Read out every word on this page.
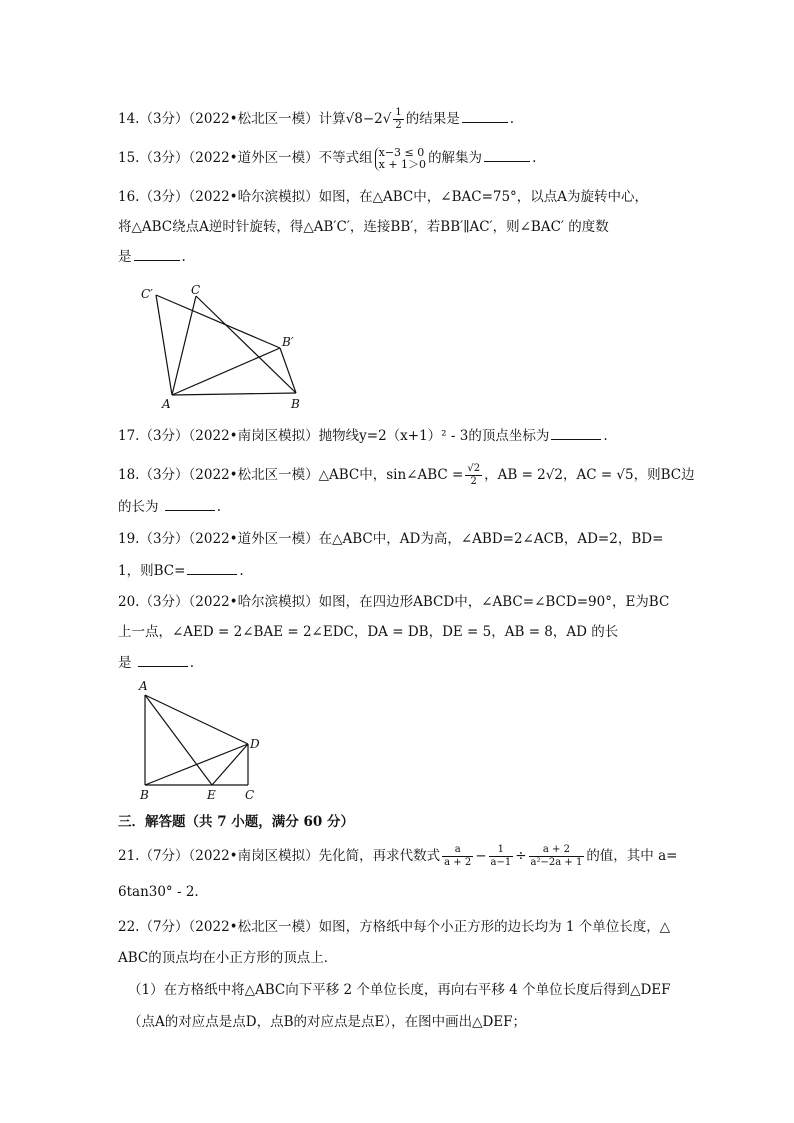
14.（3分）（2022•松北区一模）计算$√8-2√ \frac{1}{2}$ 的结果是	.
15.（3分）（2022•道外区一模）不等式组 x−3 ≤ 0
x + 1＞0 的解集为	.
16.（3分）（2022•哈尔滨模拟）如图，在△ABC中，∠BAC=75°，以点A为旋转中心，
将△ABC绕点A逆时针旋转，得△AB′C′，连接BB′，若BB′∥AC′，则∠BAC′ 的度数
是	.
C′	C
B′
A	B
17.（3分）（2022•南岗区模拟）抛物线y=2（x+1）² - 3的顶点坐标为	.
18.（3分）（2022•松北区一模）△ABC中，sin∠ABC = $\frac{√2}{2}$ ，AB = 2√2，AC = √5，则BC边
的长为	.
19.（3分）（2022•道外区一模）在△ABC中，AD为高，∠ABD=2∠ACB，AD=2，BD=
1，则BC=	.
20.（3分）（2022•哈尔滨模拟）如图，在四边形ABCD中，∠ABC=∠BCD=90°，E为BC
上一点，∠AED = 2∠BAE = 2∠EDC，DA = DB，DE = 5，AB = 8，AD 的长
是	.
A
D
B	E C
三．解答题（共 7 小题，满分 60 分）
21.（7分）（2022•南岗区模拟）先化简，再求代数式 $\frac{a}{a + 2} - \frac{1}{a-1} \div \frac{a + 2}{\text{a²−2a + 1}}$ 的值，其中 a=
6tan30° - 2.
22.（7分）（2022•松北区一模）如图，方格纸中每个小正方形的边长均为 1 个单位长度，△
ABC的顶点均在小正方形的顶点上．
（1）在方格纸中将△ABC向下平移 2 个单位长度，再向右平移 4 个单位长度后得到△DEF
（点A的对应点是点D，点B的对应点是点E），在图中画出△DEF；
